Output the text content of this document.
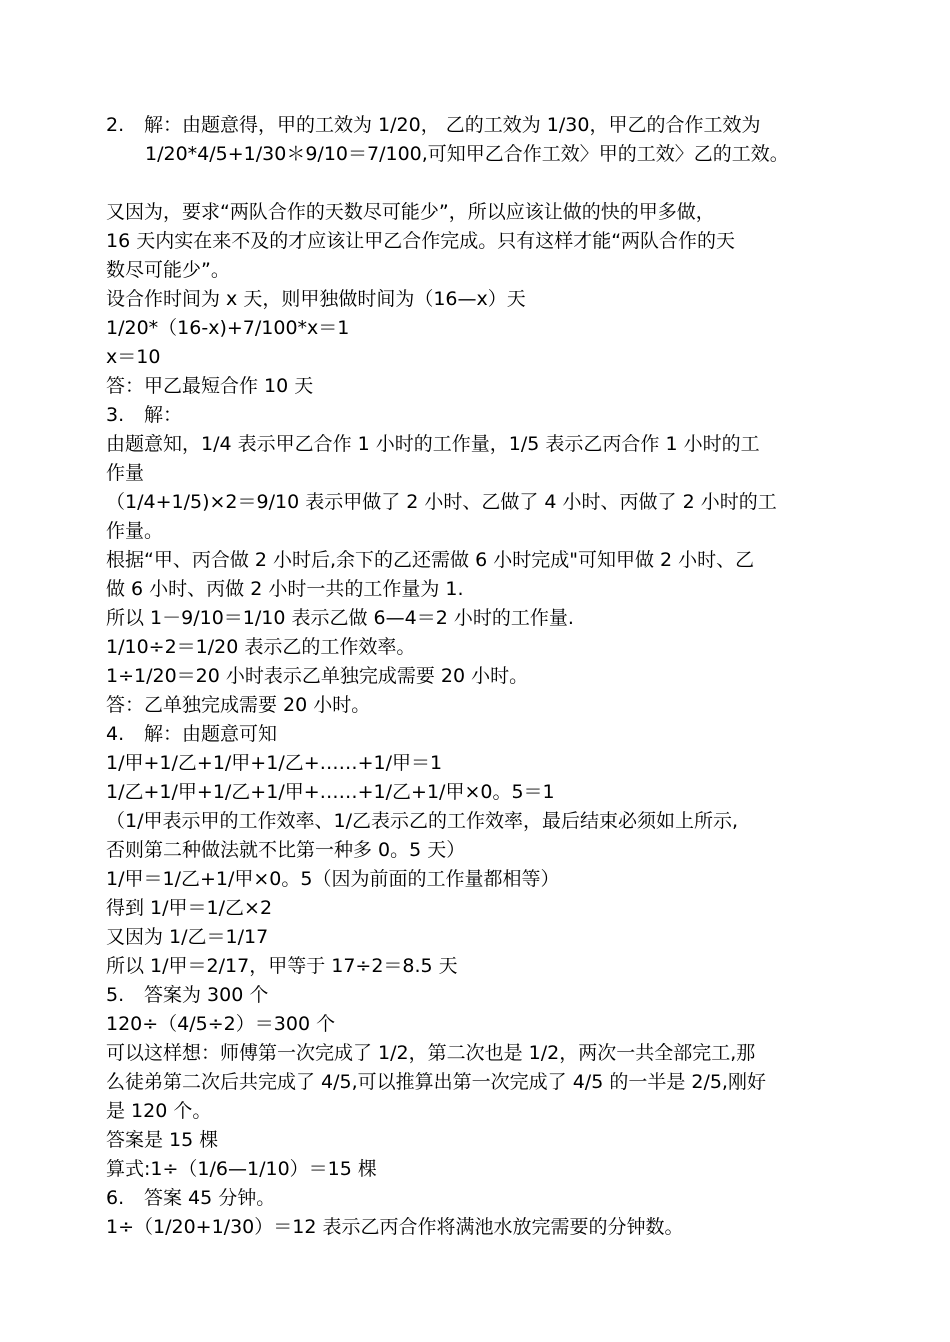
2. 解：由题意得，甲的工效为 1/20， 乙的工效为 1/30，甲乙的合作工效为
1/20*4/5+1/30＊9/10＝7/100,可知甲乙合作工效〉甲的工效〉乙的工效。
又因为，要求“两队合作的天数尽可能少”，所以应该让做的快的甲多做，
16 天内实在来不及的才应该让甲乙合作完成。只有这样才能“两队合作的天
数尽可能少”。
设合作时间为 x 天，则甲独做时间为（16—x）天
1/20*（16-x)+7/100*x＝1
x＝10
答：甲乙最短合作 10 天
3. 解：
由题意知，1/4 表示甲乙合作 1 小时的工作量，1/5 表示乙丙合作 1 小时的工
作量
（1/4+1/5)×2＝9/10 表示甲做了 2 小时、乙做了 4 小时、丙做了 2 小时的工
作量。
根据“甲、丙合做 2 小时后,余下的乙还需做 6 小时完成"可知甲做 2 小时、乙
做 6 小时、丙做 2 小时一共的工作量为 1.
所以 1－9/10＝1/10 表示乙做 6—4＝2 小时的工作量.
1/10÷2＝1/20 表示乙的工作效率。
1÷1/20＝20 小时表示乙单独完成需要 20 小时。
答：乙单独完成需要 20 小时。
4. 解：由题意可知
1/甲+1/乙+1/甲+1/乙+……+1/甲＝1
1/乙+1/甲+1/乙+1/甲+……+1/乙+1/甲×0。5＝1
（1/甲表示甲的工作效率、1/乙表示乙的工作效率，最后结束必须如上所示,
否则第二种做法就不比第一种多 0。5 天）
1/甲＝1/乙+1/甲×0。5（因为前面的工作量都相等）
得到 1/甲＝1/乙×2
又因为 1/乙＝1/17
所以 1/甲＝2/17，甲等于 17÷2＝8.5 天
5. 答案为 300 个
120÷（4/5÷2）＝300 个
可以这样想：师傅第一次完成了 1/2，第二次也是 1/2，两次一共全部完工,那
么徒弟第二次后共完成了 4/5,可以推算出第一次完成了 4/5 的一半是 2/5,刚好
是 120 个。
答案是 15 棵
算式:1÷（1/6—1/10）＝15 棵
6. 答案 45 分钟。
1÷（1/20+1/30）＝12 表示乙丙合作将满池水放完需要的分钟数。
